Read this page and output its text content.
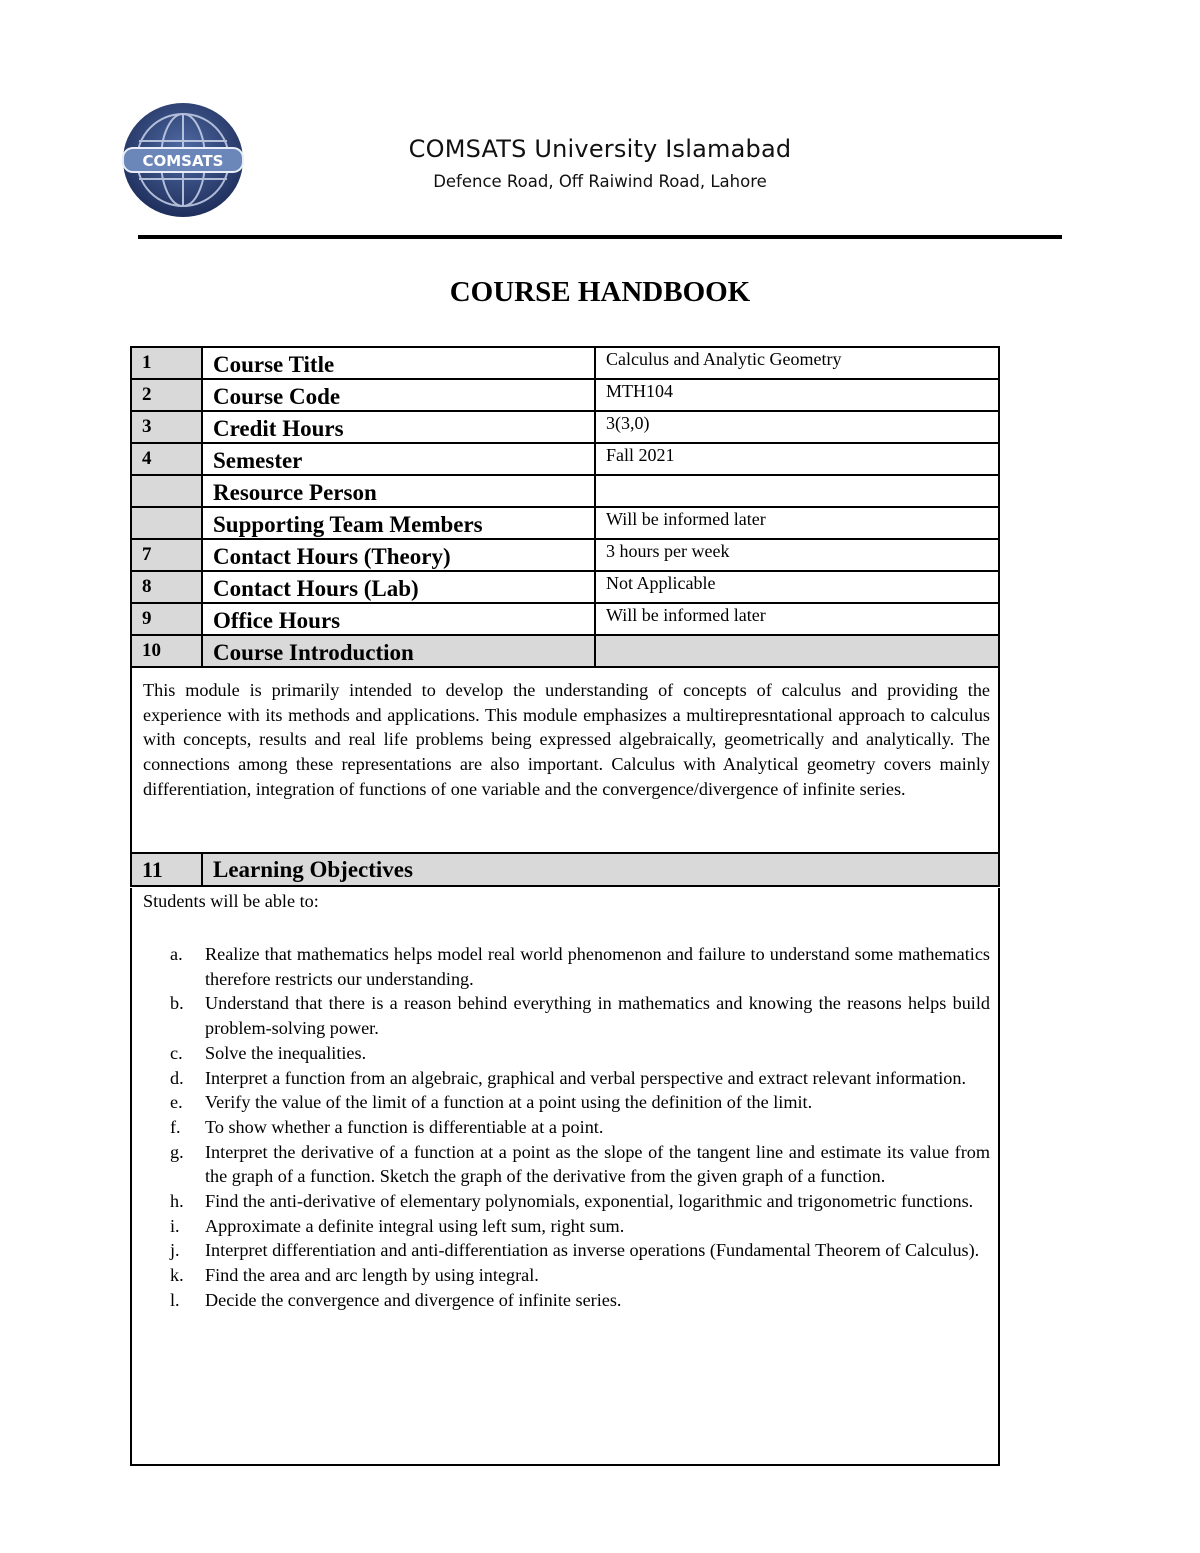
COMSATS	COMSATS University Islamabad
Defence Road, Off Raiwind Road, Lahore
COURSE HANDBOOK
1	Course Title	Calculus and Analytic Geometry
2	Course Code	MTH104
3	Credit Hours	3(3,0)
4	Semester	Fall 2021
	Resource Person	
	Supporting Team Members	Will be informed later
7	Contact Hours (Theory)	3 hours per week
8	Contact Hours (Lab)	Not Applicable
9	Office Hours	Will be informed later
10	Course Introduction	
This module is primarily intended to develop the understanding of concepts of calculus and providing the experience with its methods and applications. This module emphasizes a multirepresntational approach to calculus with concepts, results and real life problems being expressed algebraically, geometrically and analytically. The connections among these representations are also important. Calculus with Analytical geometry covers mainly differentiation, integration of functions of one variable and the convergence/divergence of infinite series.
11	Learning Objectives
Students will be able to:
a. Realize that mathematics helps model real world phenomenon and failure to understand some mathematics therefore restricts our understanding.
b. Understand that there is a reason behind everything in mathematics and knowing the reasons helps build problem-solving power.
c. Solve the inequalities.
d. Interpret a function from an algebraic, graphical and verbal perspective and extract relevant information.
e. Verify the value of the limit of a function at a point using the definition of the limit.
f. To show whether a function is differentiable at a point.
g. Interpret the derivative of a function at a point as the slope of the tangent line and estimate its value from the graph of a function. Sketch the graph of the derivative from the given graph of a function.
h. Find the anti-derivative of elementary polynomials, exponential, logarithmic and trigonometric functions.
i. Approximate a definite integral using left sum, right sum.
j. Interpret differentiation and anti-differentiation as inverse operations (Fundamental Theorem of Calculus).
k. Find the area and arc length by using integral.
l. Decide the convergence and divergence of infinite series.
